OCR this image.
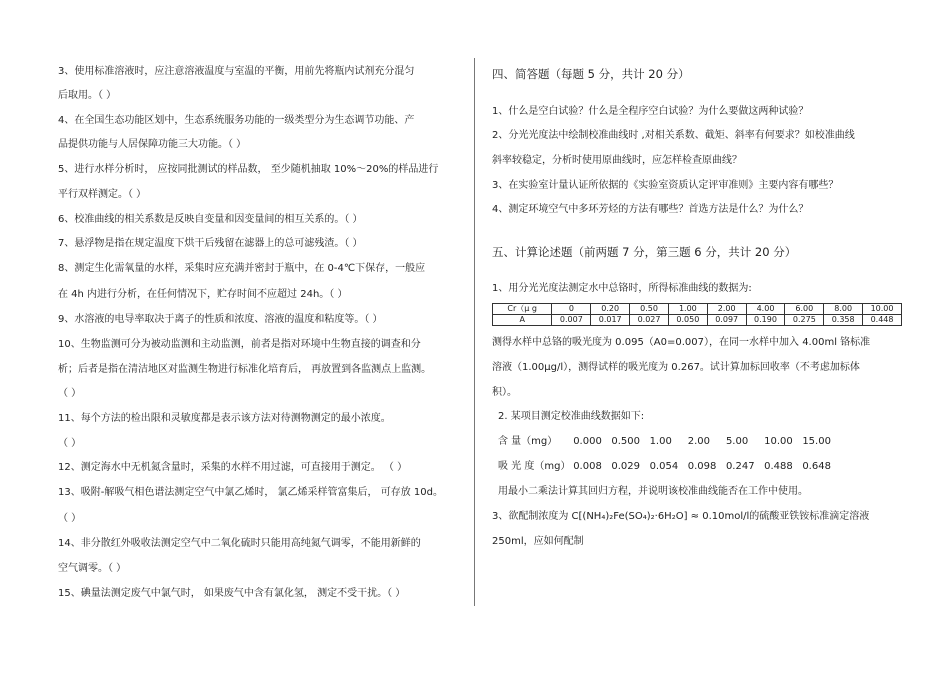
3、使用标准溶液时，应注意溶液温度与室温的平衡，用前先将瓶内试剂充分混匀
后取用。（ ）
4、在全国生态功能区划中，生态系统服务功能的一级类型分为生态调节功能、产
品提供功能与人居保障功能三大功能。（ ）
5、进行水样分析时， 应按同批测试的样品数， 至少随机抽取 10%～20%的样品进行
平行双样测定。（ ）
6、校准曲线的相关系数是反映自变量和因变量间的相互关系的。（ ）
7、悬浮物是指在规定温度下烘干后残留在滤器上的总可滤残渣。（ ）
8、测定生化需氧量的水样，采集时应充满并密封于瓶中，在 0-4℃下保存，一般应
在 4h 内进行分析，在任何情况下，贮存时间不应超过 24h。（ ）
9、水溶液的电导率取决于离子的性质和浓度、溶液的温度和粘度等。（ ）
10、生物监测可分为被动监测和主动监测，前者是指对环境中生物直接的调查和分
析；后者是指在清洁地区对监测生物进行标准化培育后， 再放置到各监测点上监测。
（ ）
11、每个方法的检出限和灵敏度都是表示该方法对待测物测定的最小浓度。
（ ）
12、测定海水中无机氮含量时，采集的水样不用过滤，可直接用于测定。 （ ）
13、吸附-解吸气相色谱法测定空气中氯乙烯时， 氯乙烯采样管富集后， 可存放 10d。
（ ）
14、非分散红外吸收法测定空气中二氧化硫时只能用高纯氮气调零，不能用新鲜的
空气调零。（ ）
15、碘量法测定废气中氯气时， 如果废气中含有氯化氢， 测定不受干扰。（ ）
四、简答题（每题 5 分，共计 20 分）
1、什么是空白试验？什么是全程序空白试验？为什么要做这两种试验？
2、分光光度法中绘制校准曲线时 ,对相关系数、截矩、斜率有何要求？如校准曲线
斜率较稳定，分析时使用原曲线时，应怎样检查原曲线？
3、在实验室计量认证所依据的《实验室资质认定评审准则》主要内容有哪些？
4、测定环境空气中多环芳烃的方法有哪些？首选方法是什么？为什么？
五、计算论述题（前两题 7 分，第三题 6 分，共计 20 分）
1、用分光光度法测定水中总铬时，所得标准曲线的数据为:
Cr（μ g	0	0.20	0.50	1.00	2.00	4.00	6.00	8.00	10.00
A	0.007	0.017	0.027	0.050	0.097	0.190	0.275	0.358	0.448
测得水样中总铬的吸光度为 0.095（A0=0.007），在同一水样中加入 4.00ml 铬标准
溶液（1.00μg/l），测得试样的吸光度为 0.267。试计算加标回收率（不考虑加标体
积）。
2. 某项目测定校准曲线数据如下:
含 量（mg） 0.000 0.500 1.00 2.00 5.00 10.00 15.00
吸 光 度（mg） 0.008 0.029 0.054 0.098 0.247 0.488 0.648
用最小二乘法计算其回归方程，并说明该校准曲线能否在工作中使用。
3、欲配制浓度为 C[(NH₄)₂Fe(SO₄)₂·6H₂O] ≈ 0.10mol/l的硫酸亚铁铵标准滴定溶液
250ml，应如何配制
